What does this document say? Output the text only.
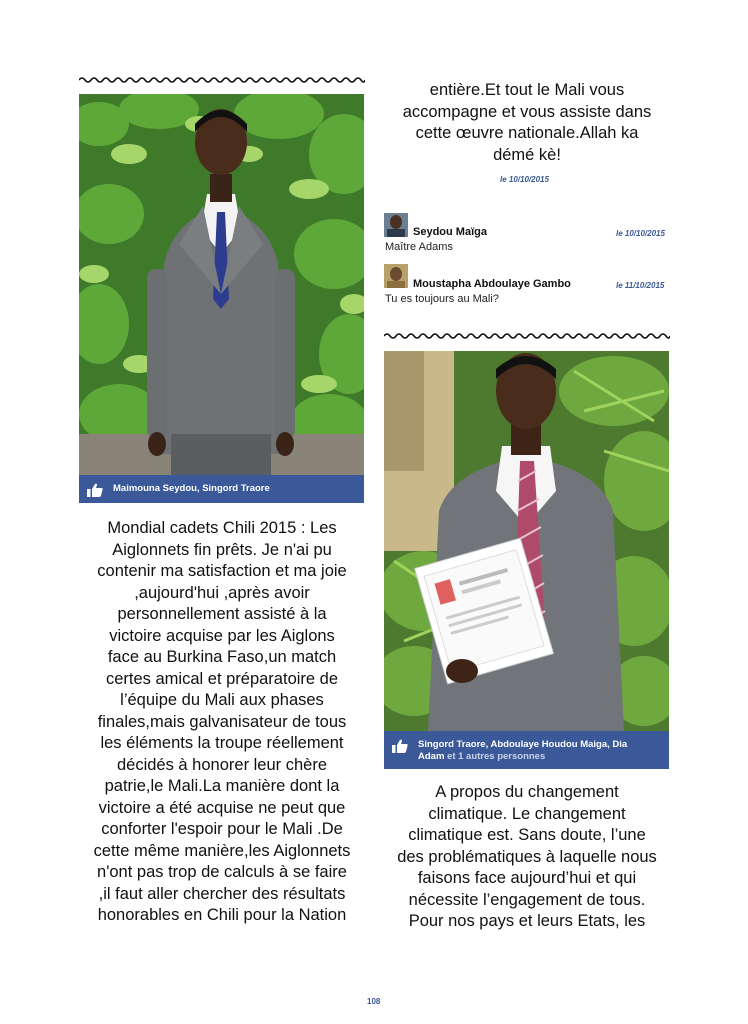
Maimouna Seydou, Singord Traore
Mondial cadets Chili 2015 : Les
Aiglonnets fin prêts. Je n'ai pu
contenir ma satisfaction et ma joie
,aujourd'hui ,après avoir
personnellement assisté à la
victoire acquise par les Aiglons
face au Burkina Faso,un match
certes amical et préparatoire de
l’équipe du Mali aux phases
finales,mais galvanisateur de tous
les éléments la troupe réellement
décidés à honorer leur chère
patrie,le Mali.La manière dont la
victoire a été acquise ne peut que
conforter l'espoir pour le Mali .De
cette même manière,les Aiglonnets
n'ont pas trop de calculs à se faire
,il faut aller chercher des résultats
honorables en Chili pour la Nation
entière.Et tout le Mali vous
accompagne et vous assiste dans
cette œuvre nationale.Allah ka
démé kè!
le 10/10/2015
Seydou Maïga	le 10/10/2015
Maître Adams
Moustapha Abdoulaye Gambo	le 11/10/2015
Tu es toujours au Mali?
Singord Traore, Abdoulaye Houdou Maiga, Dia
Adam et 1 autres personnes
A propos du changement
climatique. Le changement
climatique est. Sans doute, l’une
des problématiques à laquelle nous
faisons face aujourd’hui et qui
nécessite l’engagement de tous.
Pour nos pays et leurs Etats, les
108
